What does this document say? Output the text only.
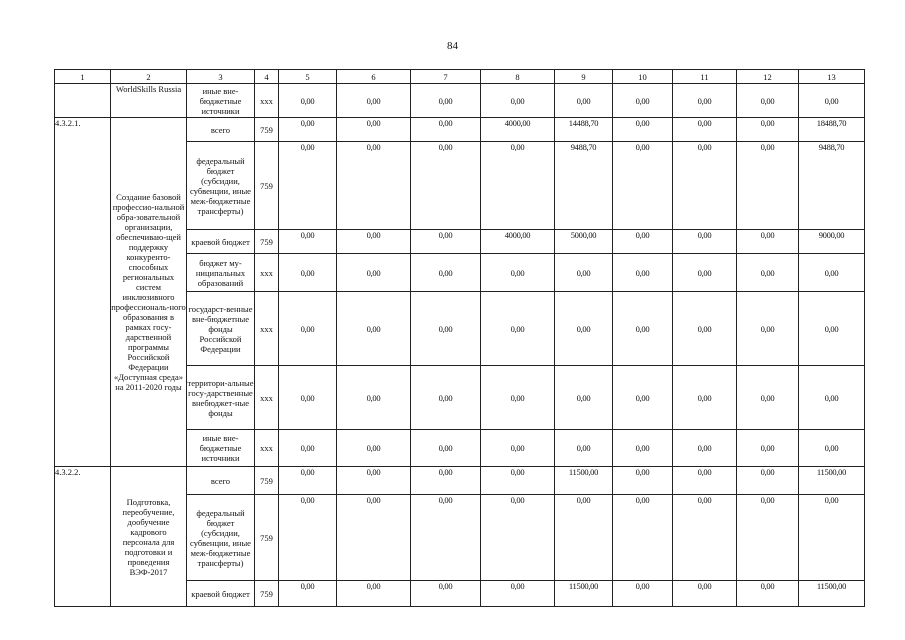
84
1	2	3	4	5	6	7	8	9	10	11	12	13
	WorldSkills Russia	иные вне-бюджетные источники	ххх	0,00	0,00	0,00	0,00	0,00	0,00	0,00	0,00	0,00
4.3.2.1.	Создание базовой профессио-нальной обра-зовательной организации, обеспечиваю-щей поддержку конкуренто-способных региональных систем инклюзивного профессиональ-ного образования в рамках госу-дарственной программы Российской Федерации «Доступная среда» на 2011-2020 годы	всего	759	0,00	0,00	0,00	4000,00	14488,70	0,00	0,00	0,00	18488,70
		федеральный бюджет (субсидии, субвенции, иные меж-бюджетные трансферты)	759	0,00	0,00	0,00	0,00	9488,70	0,00	0,00	0,00	9488,70
		краевой бюджет	759	0,00	0,00	0,00	4000,00	5000,00	0,00	0,00	0,00	9000,00
		бюджет му-ниципальных образований	ххх	0,00	0,00	0,00	0,00	0,00	0,00	0,00	0,00	0,00
		государст-венные вне-бюджетные фонды Российской Федерации	ххх	0,00	0,00	0,00	0,00	0,00	0,00	0,00	0,00	0,00
		территори-альные госу-дарственные внебюджет-ные фонды	ххх	0,00	0,00	0,00	0,00	0,00	0,00	0,00	0,00	0,00
		иные вне-бюджетные источники	ххх	0,00	0,00	0,00	0,00	0,00	0,00	0,00	0,00	0,00
4.3.2.2.	Подготовка, переобучение, дообучение кадрового персонала для подготовки и проведения ВЭФ-2017	всего	759	0,00	0,00	0,00	0,00	11500,00	0,00	0,00	0,00	11500,00
		федеральный бюджет (субсидии, субвенции, иные меж-бюджетные трансферты)	759	0,00	0,00	0,00	0,00	0,00	0,00	0,00	0,00	0,00
		краевой бюджет	759	0,00	0,00	0,00	0,00	11500,00	0,00	0,00	0,00	11500,00
